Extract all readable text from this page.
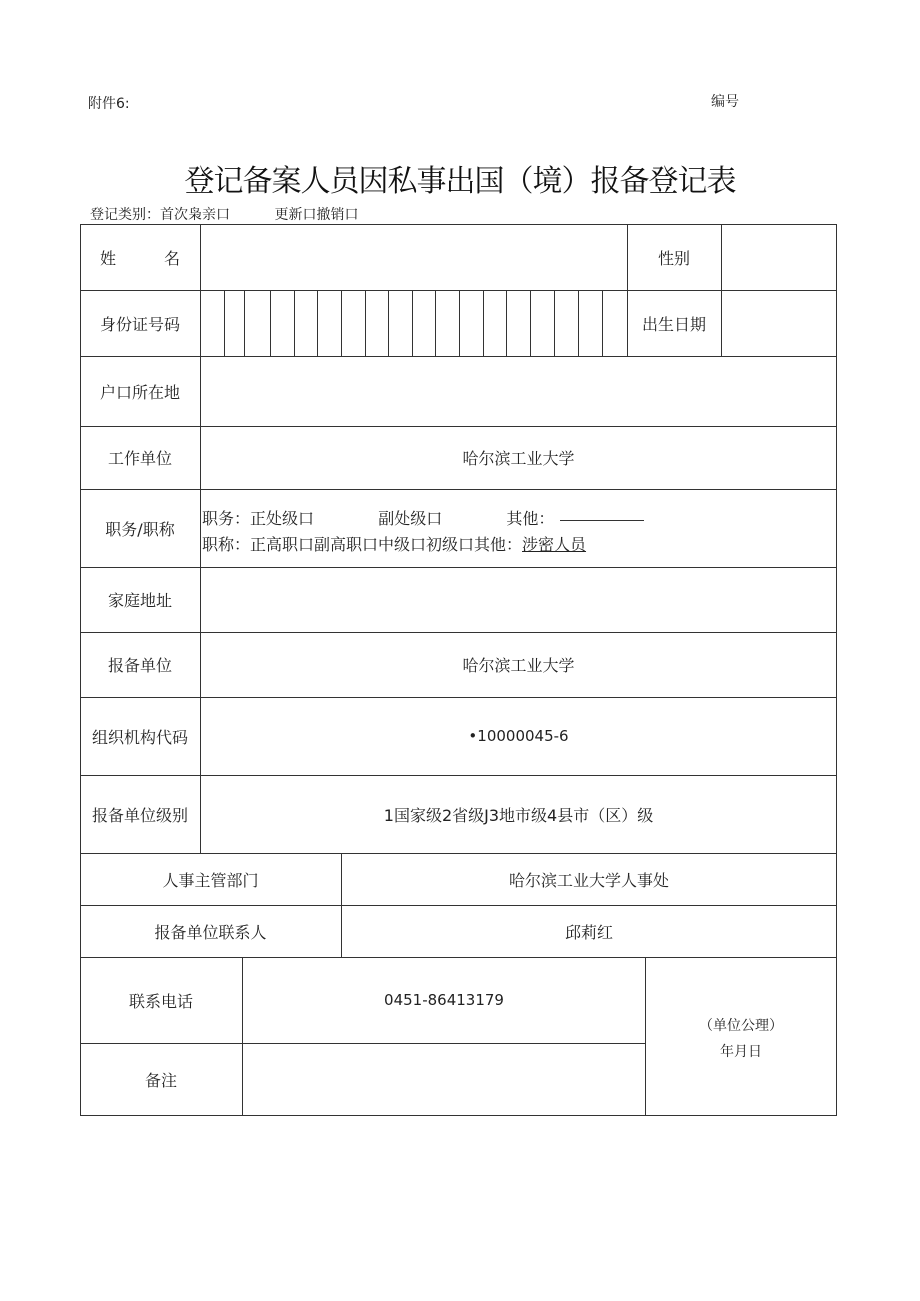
附件6:	编号
登记备案人员因私事出国（境）报备登记表
登记类别：首次枭亲口          更新口撤销口
姓　　　名	性别
身份证号码	出生日期
户口所在地
工作单位	哈尔滨工业大学
职务/职称
职务：正处级口	副处级口	其他：
职称：正高职口副高职口中级口初级口其他：涉密人员
家庭地址
报备单位	哈尔滨工业大学
组织机构代码	•10000045-6
报备单位级别	1国家级2省级J3地市级4县市（区）级
人事主管部门	哈尔滨工业大学人事处
报备单位联系人	邱莉红
联系电话	0451-86413179
（单位公理）
年月日
备注
